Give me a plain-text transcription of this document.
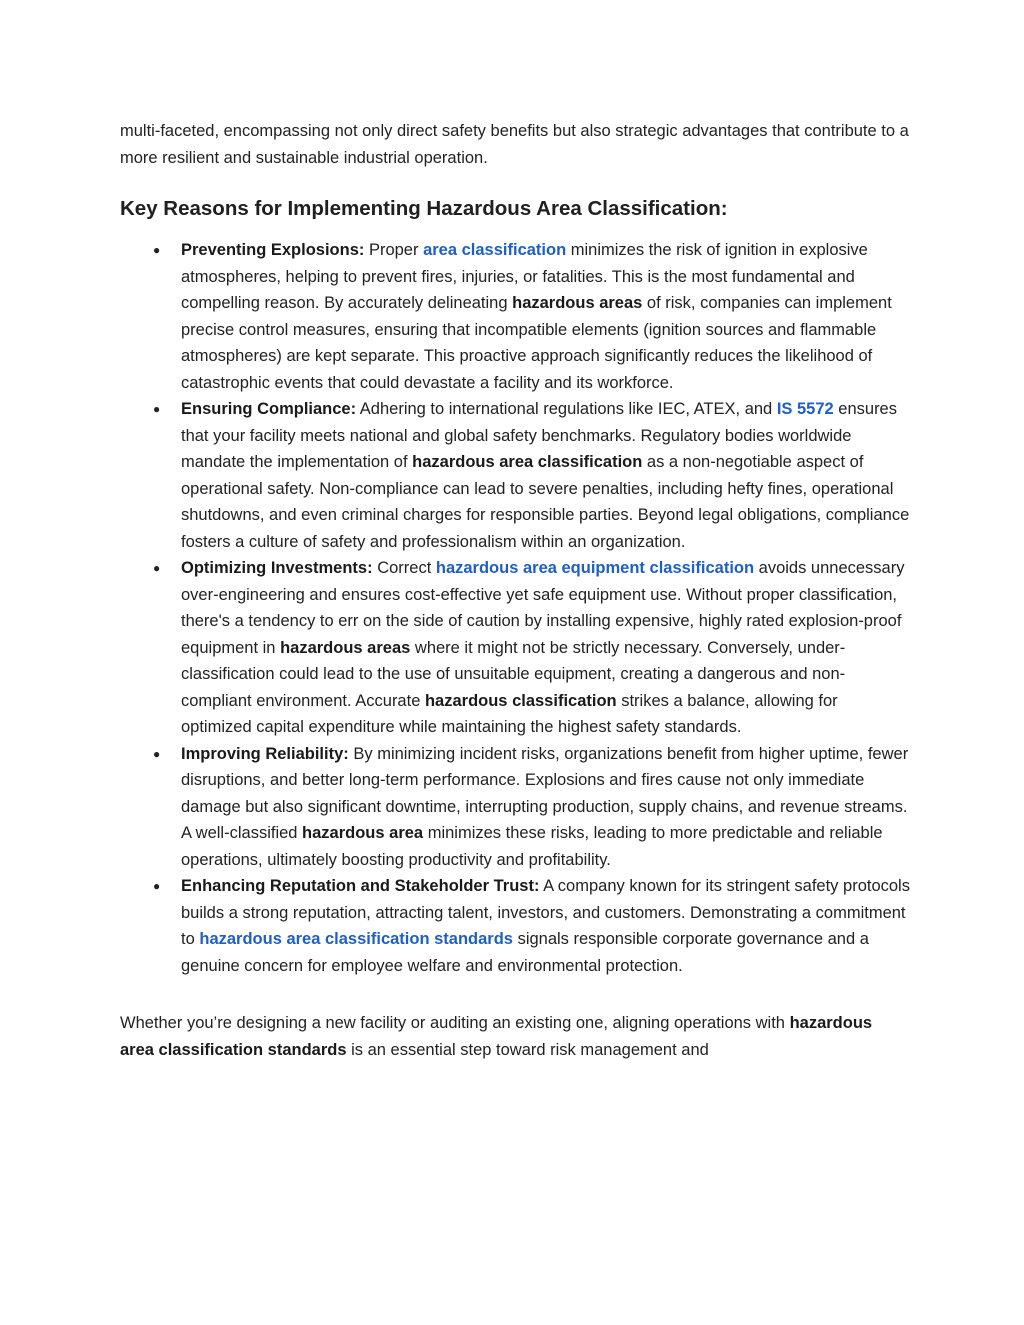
multi-faceted, encompassing not only direct safety benefits but also strategic advantages that contribute to a more resilient and sustainable industrial operation.

Key Reasons for Implementing Hazardous Area Classification:
● Preventing Explosions: Proper area classification minimizes the risk of ignition in explosive atmospheres, helping to prevent fires, injuries, or fatalities. This is the most fundamental and compelling reason. By accurately delineating hazardous areas of risk, companies can implement precise control measures, ensuring that incompatible elements (ignition sources and flammable atmospheres) are kept separate. This proactive approach significantly reduces the likelihood of catastrophic events that could devastate a facility and its workforce.
● Ensuring Compliance: Adhering to international regulations like IEC, ATEX, and IS 5572 ensures that your facility meets national and global safety benchmarks. Regulatory bodies worldwide mandate the implementation of hazardous area classification as a non-negotiable aspect of operational safety. Non-compliance can lead to severe penalties, including hefty fines, operational shutdowns, and even criminal charges for responsible parties. Beyond legal obligations, compliance fosters a culture of safety and professionalism within an organization.
● Optimizing Investments: Correct hazardous area equipment classification avoids unnecessary over-engineering and ensures cost-effective yet safe equipment use. Without proper classification, there's a tendency to err on the side of caution by installing expensive, highly rated explosion-proof equipment in hazardous areas where it might not be strictly necessary. Conversely, under-classification could lead to the use of unsuitable equipment, creating a dangerous and non-compliant environment. Accurate hazardous classification strikes a balance, allowing for optimized capital expenditure while maintaining the highest safety standards.
● Improving Reliability: By minimizing incident risks, organizations benefit from higher uptime, fewer disruptions, and better long-term performance. Explosions and fires cause not only immediate damage but also significant downtime, interrupting production, supply chains, and revenue streams. A well-classified hazardous area minimizes these risks, leading to more predictable and reliable operations, ultimately boosting productivity and profitability.
● Enhancing Reputation and Stakeholder Trust: A company known for its stringent safety protocols builds a strong reputation, attracting talent, investors, and customers. Demonstrating a commitment to hazardous area classification standards signals responsible corporate governance and a genuine concern for employee welfare and environmental protection.

Whether you’re designing a new facility or auditing an existing one, aligning operations with hazardous area classification standards is an essential step toward risk management and
